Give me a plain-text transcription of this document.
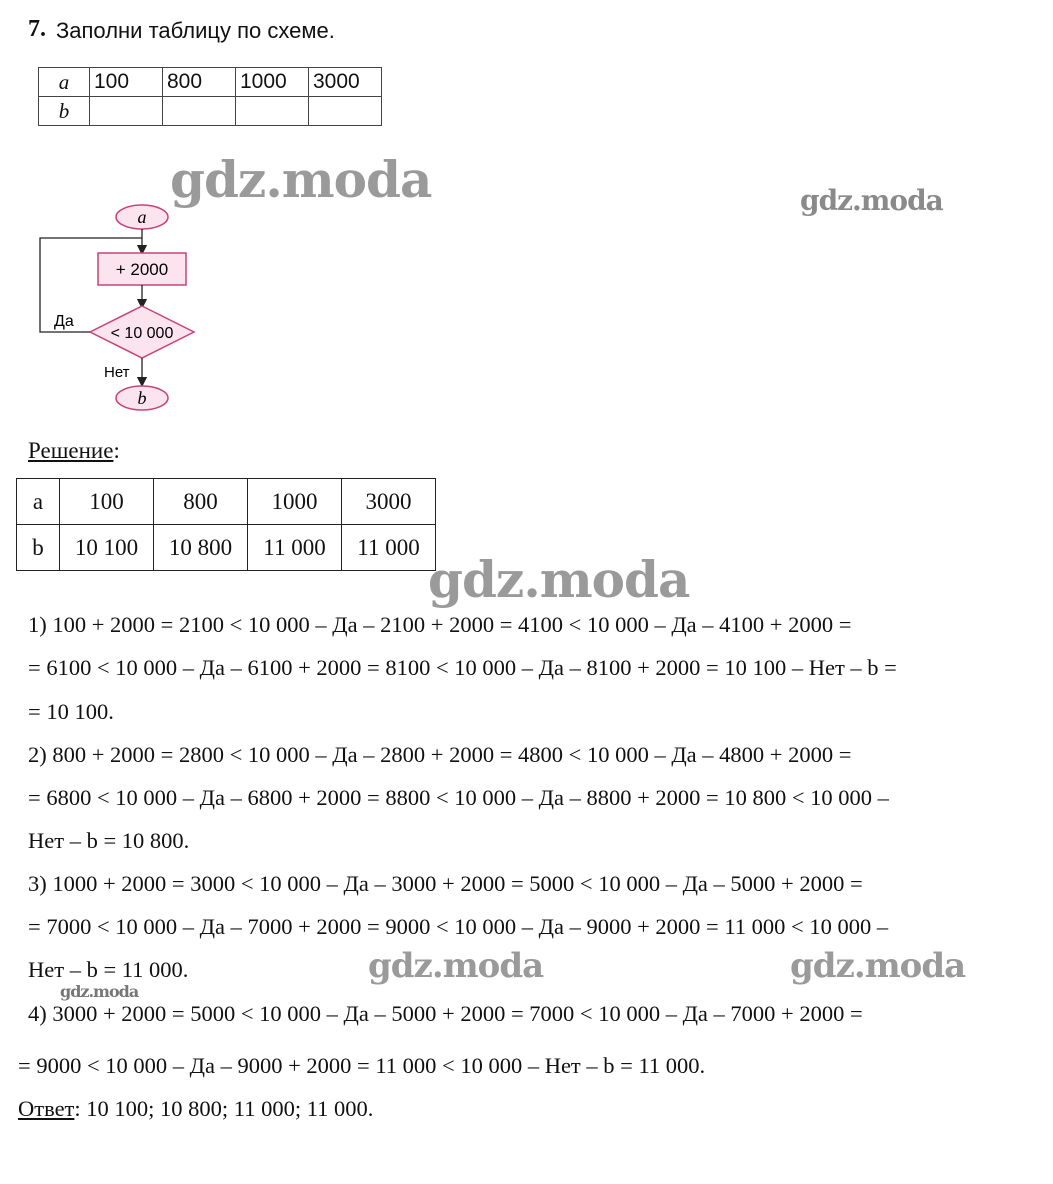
7. Заполни таблицу по схеме.
a	100	800	1000	3000
b				
gdz.moda	gdz.moda
a
+ 2000
< 10 000
Да
Нет
b
Решение:
a	100	800	1000	3000
b	10 100	10 800	11 000	11 000
gdz.moda
1) 100 + 2000 = 2100 < 10 000 – Да – 2100 + 2000 = 4100 < 10 000 – Да – 4100 + 2000 =
= 6100 < 10 000 – Да – 6100 + 2000 = 8100 < 10 000 – Да – 8100 + 2000 = 10 100 – Нет – b =
= 10 100.
2) 800 + 2000 = 2800 < 10 000 – Да – 2800 + 2000 = 4800 < 10 000 – Да – 4800 + 2000 =
= 6800 < 10 000 – Да – 6800 + 2000 = 8800 < 10 000 – Да – 8800 + 2000 = 10 800 < 10 000 –
Нет – b = 10 800.
3) 1000 + 2000 = 3000 < 10 000 – Да – 3000 + 2000 = 5000 < 10 000 – Да – 5000 + 2000 =
= 7000 < 10 000 – Да – 7000 + 2000 = 9000 < 10 000 – Да – 9000 + 2000 = 11 000 < 10 000 –
Нет – b = 11 000.
4) 3000 + 2000 = 5000 < 10 000 – Да – 5000 + 2000 = 7000 < 10 000 – Да – 7000 + 2000 =
= 9000 < 10 000 – Да – 9000 + 2000 = 11 000 < 10 000 – Нет – b = 11 000.
gdz.moda	gdz.moda
gdz.moda
Ответ: 10 100; 10 800; 11 000; 11 000.
